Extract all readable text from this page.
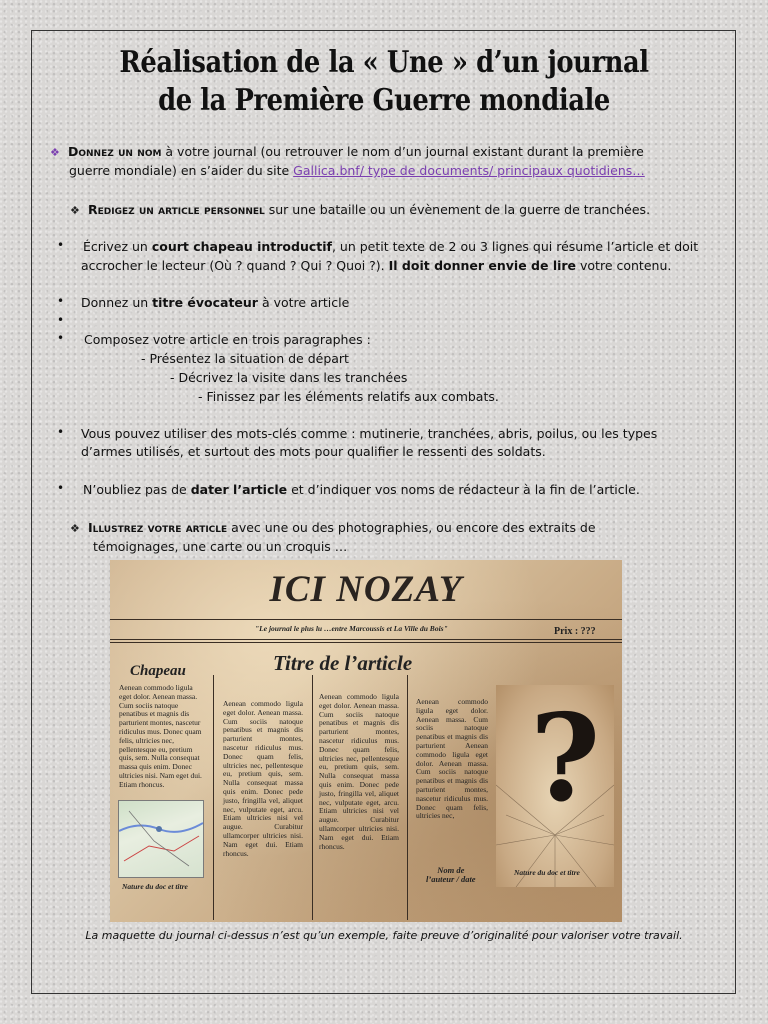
Réalisation de la « Une » d’un journal
de la Première Guerre mondiale
❖ Donnez un nom à votre journal (ou retrouver le nom d’un journal existant durant la première
guerre mondiale) en s’aider du site Gallica.bnf/ type de documents/ principaux quotidiens…
❖ Redigez un article personnel sur une bataille ou un évènement de la guerre de tranchées.
• Écrivez un court chapeau introductif, un petit texte de 2 ou 3 lignes qui résume l’article et doit
accrocher le lecteur (Où ? quand ? Qui ? Quoi ?). Il doit donner envie de lire votre contenu.
• Donnez un titre évocateur à votre article
•
• Composez votre article en trois paragraphes :
- Présentez la situation de départ
- Décrivez la visite dans les tranchées
- Finissez par les éléments relatifs aux combats.
• Vous pouvez utiliser des mots-clés comme : mutinerie, tranchées, abris, poilus, ou les types
d’armes utilisés, et surtout des mots pour qualifier le ressenti des soldats.
• N’oubliez pas de dater l’article et d’indiquer vos noms de rédacteur à la fin de l’article.
❖ Illustrez votre article avec une ou des photographies, ou encore des extraits de
témoignages, une carte ou un croquis …
ICI NOZAY
"Le journal le plus lu …entre Marcoussis et La Ville du Bois"	Prix : ???
Titre de l’article
Chapeau
Aenean commodo ligula eget dolor. Aenean massa. Cum sociis natoque penatibus et magnis dis parturient montes, nascetur ridiculus mus. Donec quam felis, ultricies nec, pellentesque eu, pretium quis, sem. Nulla consequat massa quis enim. Donec ultricies nisi. Nam eget dui. Etiam rhoncus.
Nature du doc et titre
Aenean commodo ligula eget dolor. Aenean massa. Cum sociis natoque penatibus et magnis dis parturient montes, nascetur ridiculus mus. Donec quam felis, ultricies nec, pellentesque eu, pretium quis, sem. Nulla consequat massa quis enim. Donec pede justo, fringilla vel, aliquet nec, vulputate eget, arcu. Etiam ultricies nisi vel augue. Curabitur ullamcorper ultricies nisi. Nam eget dui. Etiam rhoncus.
Aenean commodo ligula eget dolor. Aenean massa. Cum sociis natoque penatibus et magnis dis parturient montes, nascetur ridiculus mus. Donec quam felis, ultricies nec, pellentesque eu, pretium quis, sem. Nulla consequat massa quis enim. Donec pede justo, fringilla vel, aliquet nec, vulputate eget, arcu. Etiam ultricies nisi vel augue. Curabitur ullamcorper ultricies nisi. Nam eget dui. Etiam rhoncus.
Aenean commodo ligula eget dolor. Aenean massa. Cum sociis natoque penatibus et magnis dis parturient Aenean commodo ligula eget dolor. Aenean massa. Cum sociis natoque penatibus et magnis dis parturient montes, nascetur ridiculus mus. Donec quam felis, ultricies nec,
Nom de
l’auteur / date
?
Nature du doc et titre
La maquette du journal ci-dessus n’est qu’un exemple, faite preuve d’originalité pour valoriser votre travail.
